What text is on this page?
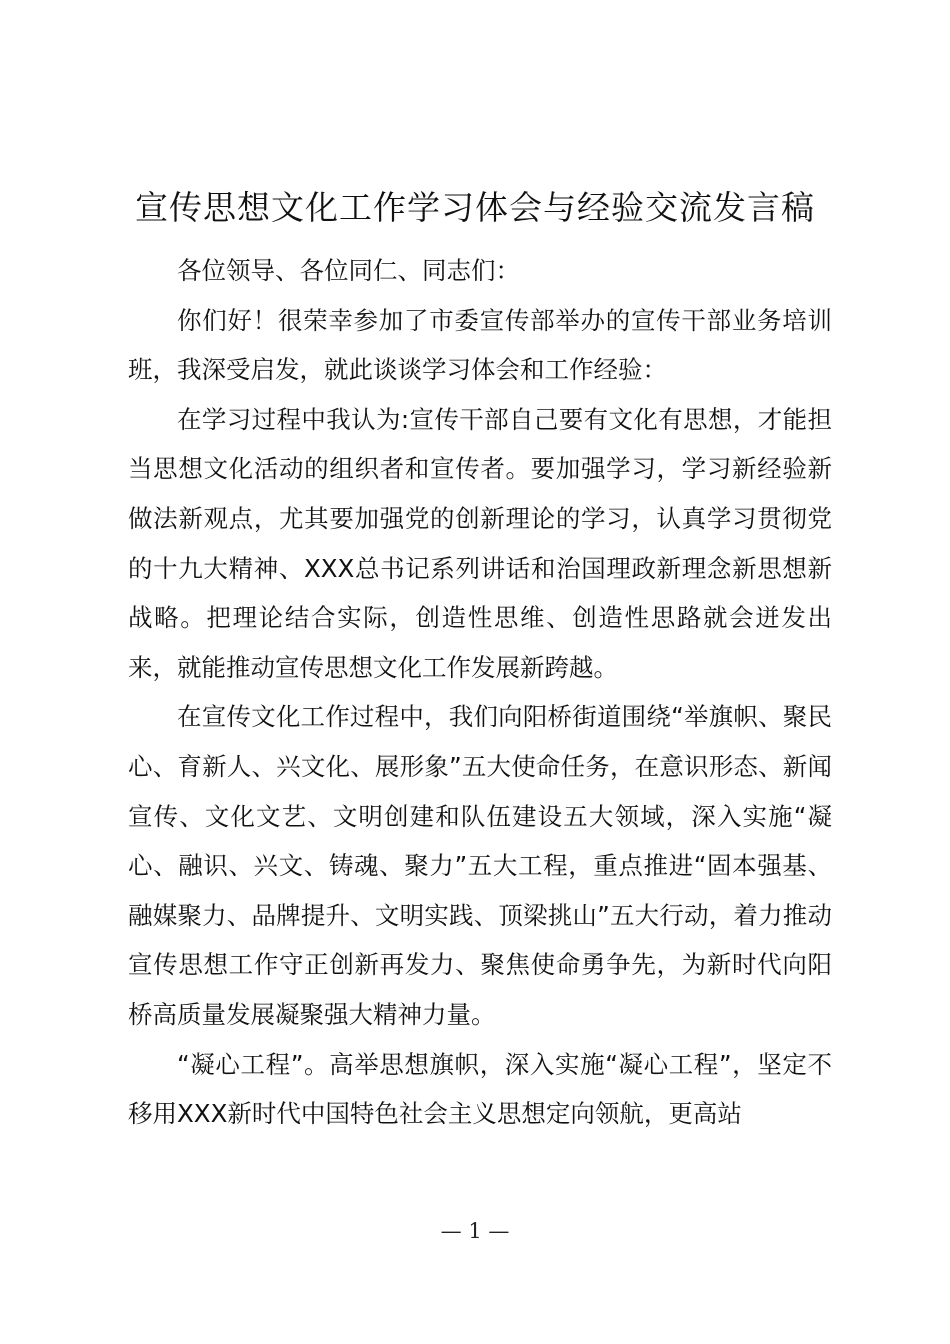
宣传思想文化工作学习体会与经验交流发言稿

各位领导、各位同仁、同志们：

你们好！很荣幸参加了市委宣传部举办的宣传干部业务培训班，我深受启发，就此谈谈学习体会和工作经验：

在学习过程中我认为:宣传干部自己要有文化有思想，才能担当思想文化活动的组织者和宣传者。要加强学习，学习新经验新做法新观点，尤其要加强党的创新理论的学习，认真学习贯彻党的十九大精神、XXX总书记系列讲话和治国理政新理念新思想新战略。把理论结合实际，创造性思维、创造性思路就会迸发出来，就能推动宣传思想文化工作发展新跨越。

在宣传文化工作过程中，我们向阳桥街道围绕“举旗帜、聚民心、育新人、兴文化、展形象”五大使命任务，在意识形态、新闻宣传、文化文艺、文明创建和队伍建设五大领域，深入实施“凝心、融识、兴文、铸魂、聚力”五大工程，重点推进“固本强基、融媒聚力、品牌提升、文明实践、顶梁挑山”五大行动，着力推动宣传思想工作守正创新再发力、聚焦使命勇争先，为新时代向阳桥高质量发展凝聚强大精神力量。

“凝心工程”。高举思想旗帜，深入实施“凝心工程”，坚定不移用XXX新时代中国特色社会主义思想定向领航，更高站

— 1 —
